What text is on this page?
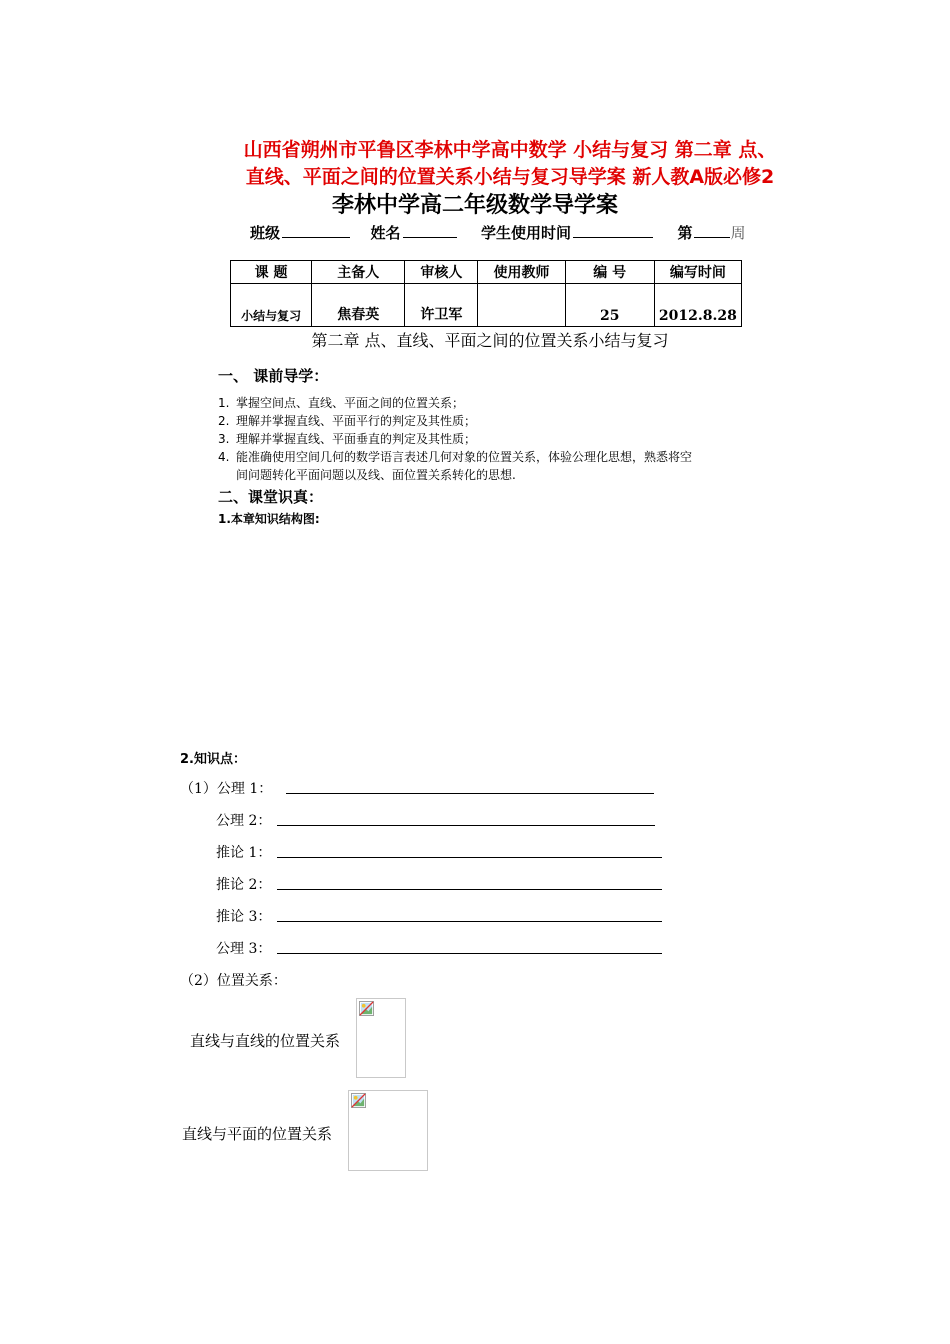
山西省朔州市平鲁区李林中学高中数学 小结与复习 第二章 点、
直线、平面之间的位置关系小结与复习导学案 新人教A版必修2
李林中学高二年级数学导学案
班级	姓名	学生使用时间	第	周
课 题	主备人	审核人	使用教师	编 号	编写时间
小结与复习	焦春英	许卫军		25	2012.8.28
第二章 点、直线、平面之间的位置关系小结与复习
一、 课前导学：
1. 掌握空间点、直线、平面之间的位置关系；
2. 理解并掌握直线、平面平行的判定及其性质；
3. 理解并掌握直线、平面垂直的判定及其性质；
4. 能准确使用空间几何的数学语言表述几何对象的位置关系，体验公理化思想，熟悉将空
间问题转化平面问题以及线、面位置关系转化的思想.
二、课堂识真：
1.本章知识结构图:
2.知识点：
（1）公理 1：
公理 2：
推论 1：
推论 2：
推论 3：
公理 3：
（2）位置关系：
直线与直线的位置关系
直线与平面的位置关系
